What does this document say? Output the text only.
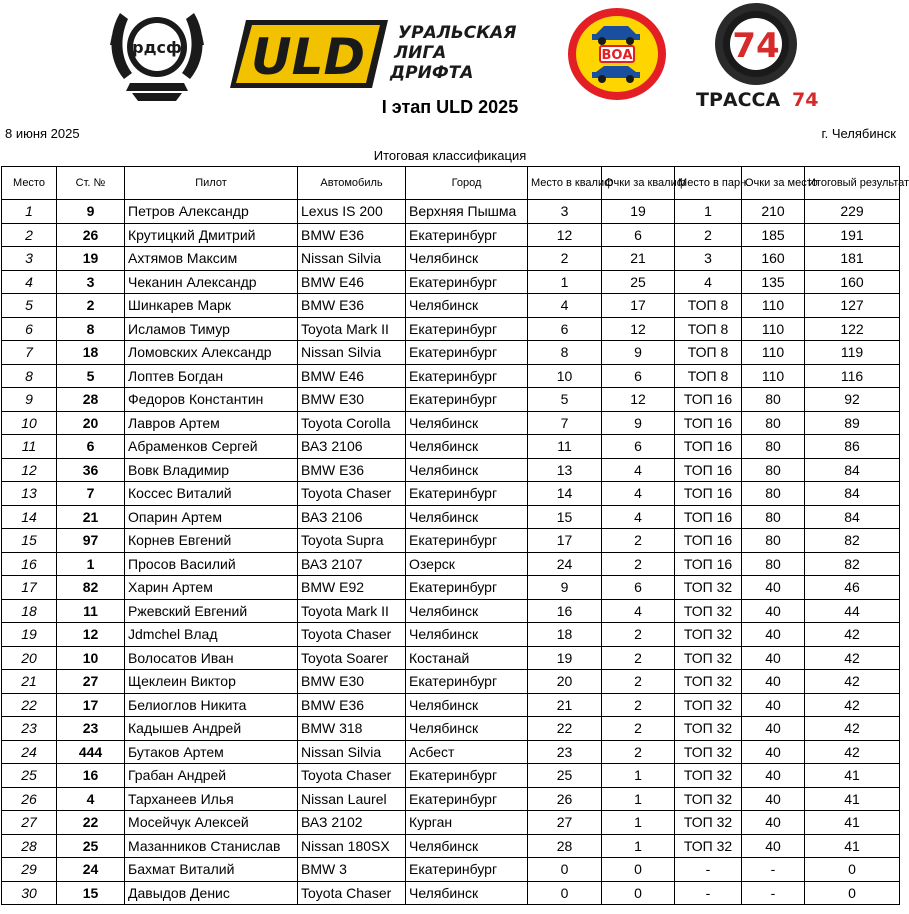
рдсф ULD УРАЛЬСКАЯ
ЛИГА
ДРИФТА
ВОА	74
ТРАССА 74
I этап ULD 2025
8 июня 2025	г. Челябинск
Итоговая классификация
Место	Ст. №	Пилот	Автомобиль	Город	Место в квалиф	Очки за квалиф	Место в парн.	Очки за место	Итоговый результат
1	9	Петров Александр	Lexus IS 200	Верхняя Пышма	3	19	1	210	229
2	26	Крутицкий Дмитрий	BMW E36	Екатеринбург	12	6	2	185	191
3	19	Ахтямов Максим	Nissan Silvia	Челябинск	2	21	3	160	181
4	3	Чеканин Александр	BMW E46	Екатеринбург	1	25	4	135	160
5	2	Шинкарев Марк	BMW E36	Челябинск	4	17	ТОП 8	110	127
6	8	Исламов Тимур	Toyota Mark II	Екатеринбург	6	12	ТОП 8	110	122
7	18	Ломовских Александр	Nissan Silvia	Екатеринбург	8	9	ТОП 8	110	119
8	5	Лоптев Богдан	BMW E46	Екатеринбург	10	6	ТОП 8	110	116
9	28	Федоров Константин	BMW E30	Екатеринбург	5	12	ТОП 16	80	92
10	20	Лавров Артем	Toyota Corolla	Челябинск	7	9	ТОП 16	80	89
11	6	Абраменков Сергей	ВАЗ 2106	Челябинск	11	6	ТОП 16	80	86
12	36	Вовк Владимир	BMW E36	Челябинск	13	4	ТОП 16	80	84
13	7	Коссес Виталий	Toyota Chaser	Екатеринбург	14	4	ТОП 16	80	84
14	21	Опарин Артем	ВАЗ 2106	Челябинск	15	4	ТОП 16	80	84
15	97	Корнев Евгений	Toyota Supra	Екатеринбург	17	2	ТОП 16	80	82
16	1	Просов Василий	ВАЗ 2107	Озерск	24	2	ТОП 16	80	82
17	82	Харин Артем	BMW E92	Екатеринбург	9	6	ТОП 32	40	46
18	11	Ржевский Евгений	Toyota Mark II	Челябинск	16	4	ТОП 32	40	44
19	12	Jdmchel Влад	Toyota Chaser	Челябинск	18	2	ТОП 32	40	42
20	10	Волосатов Иван	Toyota Soarer	Костанай	19	2	ТОП 32	40	42
21	27	Щеклеин Виктор	BMW E30	Екатеринбург	20	2	ТОП 32	40	42
22	17	Белиоглов Никита	BMW E36	Челябинск	21	2	ТОП 32	40	42
23	23	Кадышев Андрей	BMW 318	Челябинск	22	2	ТОП 32	40	42
24	444	Бутаков Артем	Nissan Silvia	Асбест	23	2	ТОП 32	40	42
25	16	Грабан Андрей	Toyota Chaser	Екатеринбург	25	1	ТОП 32	40	41
26	4	Тарханеев Илья	Nissan Laurel	Екатеринбург	26	1	ТОП 32	40	41
27	22	Мосейчук Алексей	ВАЗ 2102	Курган	27	1	ТОП 32	40	41
28	25	Мазанников Станислав	Nissan 180SX	Челябинск	28	1	ТОП 32	40	41
29	24	Бахмат Виталий	BMW 3	Екатеринбург	0	0	-	-	0
30	15	Давыдов Денис	Toyota Chaser	Челябинск	0	0	-	-	0
